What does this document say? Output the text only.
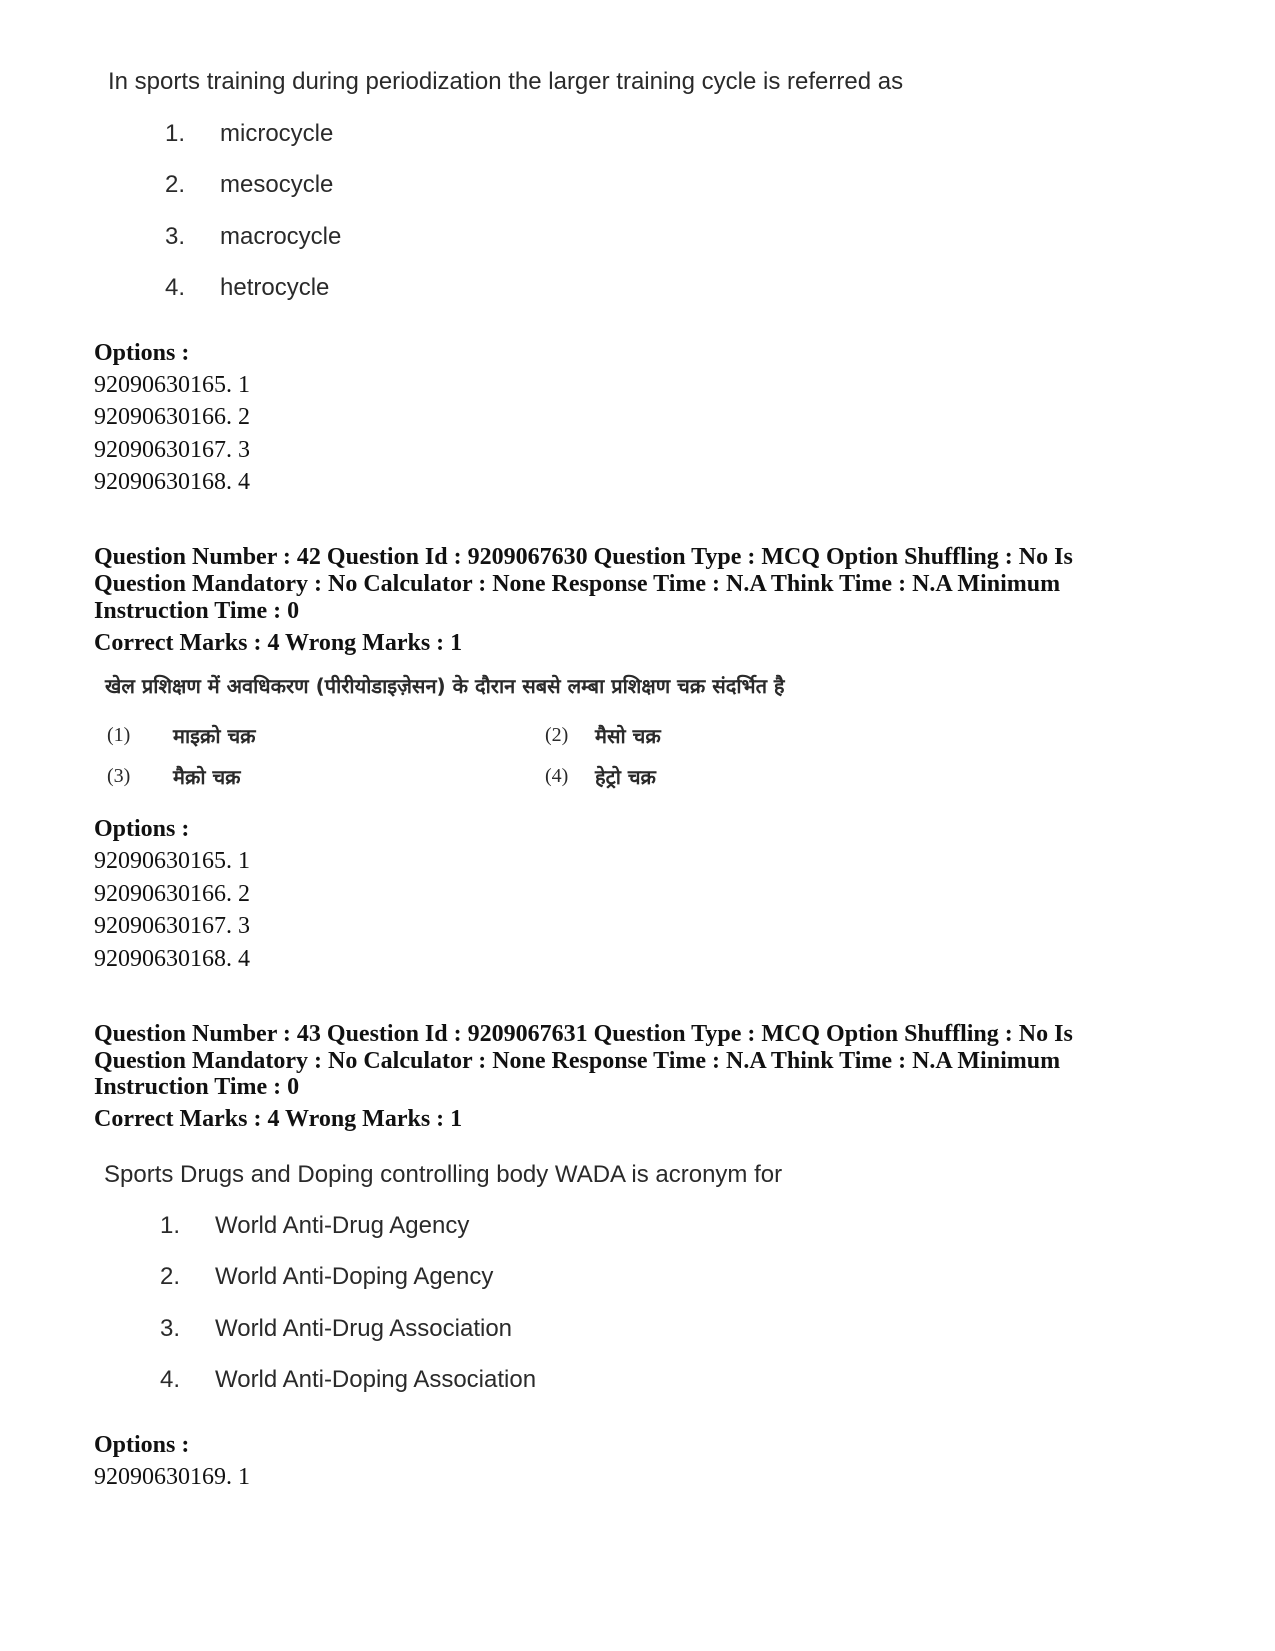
In sports training during periodization the larger training cycle is referred as
1.	microcycle
2.	mesocycle
3.	macrocycle
4.	hetrocycle
Options :
92090630165. 1
92090630166. 2
92090630167. 3
92090630168. 4
Question Number : 42 Question Id : 9209067630 Question Type : MCQ Option Shuffling : No Is
Question Mandatory : No Calculator : None Response Time : N.A Think Time : N.A Minimum
Instruction Time : 0
Correct Marks : 4 Wrong Marks : 1
खेल प्रशिक्षण में अवधिकरण (पीरीयोडाइज़ेसन) के दौरान सबसे लम्बा प्रशिक्षण चक्र संदर्भित है
(1) माइक्रो चक्र	(2) मैसो चक्र
(3) मैक्रो चक्र	(4) हेट्रो चक्र
Options :
92090630165. 1
92090630166. 2
92090630167. 3
92090630168. 4
Question Number : 43 Question Id : 9209067631 Question Type : MCQ Option Shuffling : No Is
Question Mandatory : No Calculator : None Response Time : N.A Think Time : N.A Minimum
Instruction Time : 0
Correct Marks : 4 Wrong Marks : 1
Sports Drugs and Doping controlling body WADA is acronym for
1.	World Anti-Drug Agency
2.	World Anti-Doping Agency
3.	World Anti-Drug Association
4.	World Anti-Doping Association
Options :
92090630169. 1
